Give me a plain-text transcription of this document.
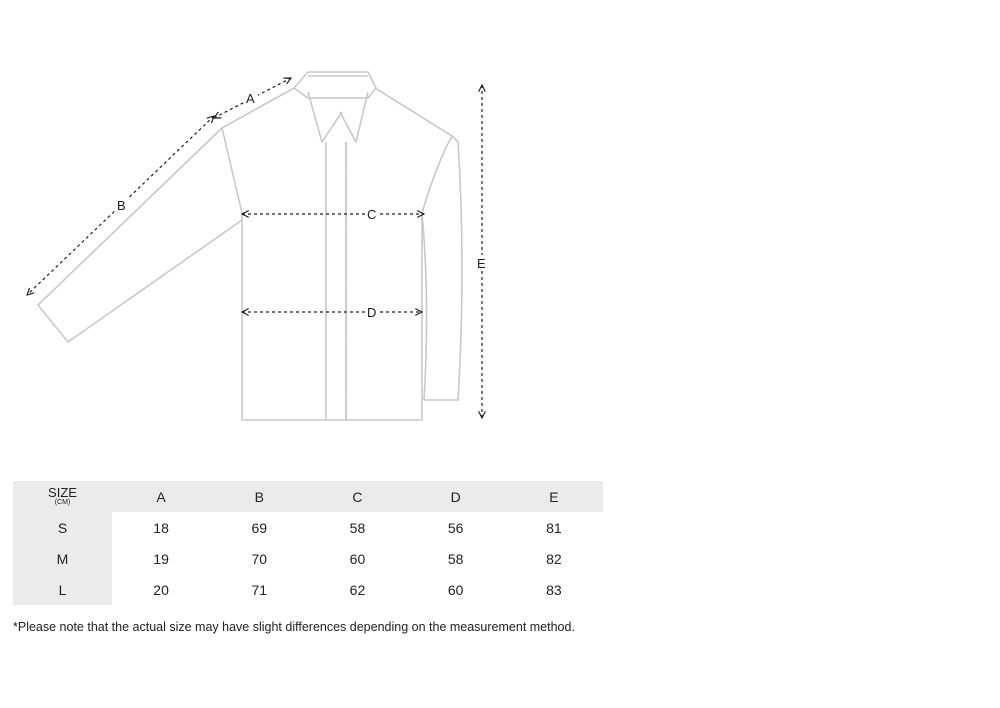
A
B
C
D
E
SIZE
(CM)	A	B	C	D	E
S	18	69	58	56	81
M	19	70	60	58	82
L	20	71	62	60	83
*Please note that the actual size may have slight differences depending on the measurement method.
